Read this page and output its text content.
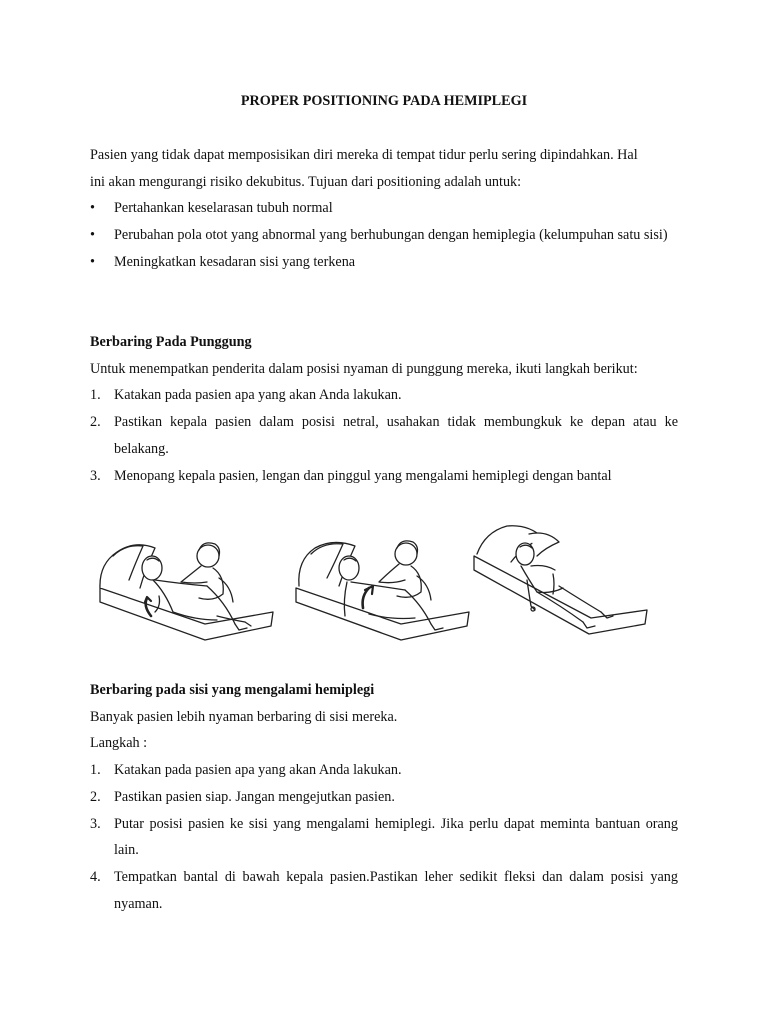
PROPER POSITIONING PADA HEMIPLEGI

Pasien yang tidak dapat memposisikan diri mereka di tempat tidur perlu sering dipindahkan. Hal

ini akan mengurangi risiko dekubitus. Tujuan dari positioning adalah untuk:

• Pertahankan keselarasan tubuh normal
• Perubahan pola otot yang abnormal yang berhubungan dengan hemiplegia (kelumpuhan satu sisi)
• Meningkatkan kesadaran sisi yang terkena

Berbaring Pada Punggung

Untuk menempatkan penderita dalam posisi nyaman di punggung mereka, ikuti langkah berikut:

1. Katakan pada pasien apa yang akan Anda lakukan.
2. Pastikan kepala pasien dalam posisi netral, usahakan tidak membungkuk ke depan atau ke belakang.
3. Menopang kepala pasien, lengan dan pinggul yang mengalami hemiplegi dengan bantal

Berbaring pada sisi yang mengalami hemiplegi

Banyak pasien lebih nyaman berbaring di sisi mereka.

Langkah :

1. Katakan pada pasien apa yang akan Anda lakukan.
2. Pastikan pasien siap. Jangan mengejutkan pasien.
3. Putar posisi pasien ke sisi yang mengalami hemiplegi. Jika perlu dapat meminta bantuan orang lain.
4. Tempatkan bantal di bawah kepala pasien.Pastikan leher sedikit fleksi dan dalam posisi yang nyaman.
